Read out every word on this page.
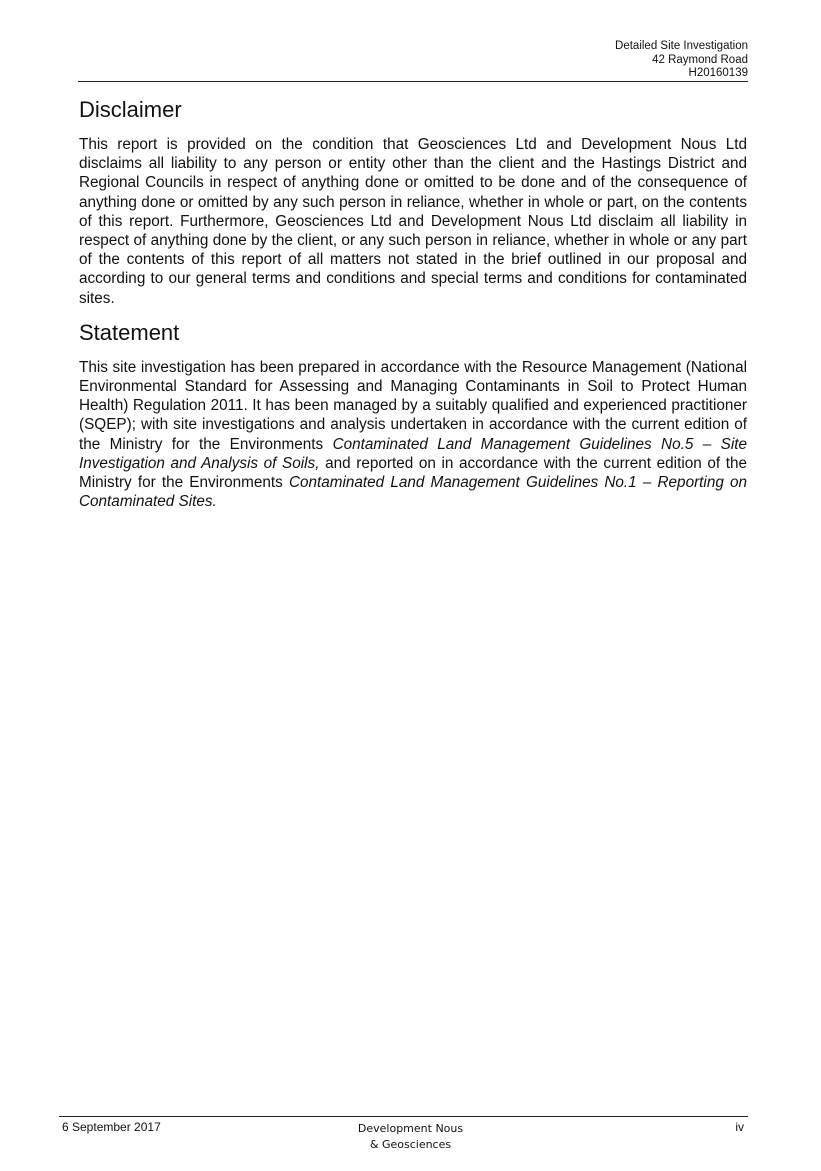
Detailed Site Investigation
42 Raymond Road
H20160139
Disclaimer

This report is provided on the condition that Geosciences Ltd and Development Nous Ltd disclaims all liability to any person or entity other than the client and the Hastings District and Regional Councils in respect of anything done or omitted to be done and of the consequence of anything done or omitted by any such person in reliance, whether in whole or part, on the contents of this report. Furthermore, Geosciences Ltd and Development Nous Ltd disclaim all liability in respect of anything done by the client, or any such person in reliance, whether in whole or any part of the contents of this report of all matters not stated in the brief outlined in our proposal and according to our general terms and conditions and special terms and conditions for contaminated sites.

Statement

This site investigation has been prepared in accordance with the Resource Management (National Environmental Standard for Assessing and Managing Contaminants in Soil to Protect Human Health) Regulation 2011. It has been managed by a suitably qualified and experienced practitioner (SQEP); with site investigations and analysis undertaken in accordance with the current edition of the Ministry for the Environments Contaminated Land Management Guidelines No.5 – Site Investigation and Analysis of Soils, and reported on in accordance with the current edition of the Ministry for the Environments Contaminated Land Management Guidelines No.1 – Reporting on Contaminated Sites.

6 September 2017	Development Nous
& Geosciences
iv
